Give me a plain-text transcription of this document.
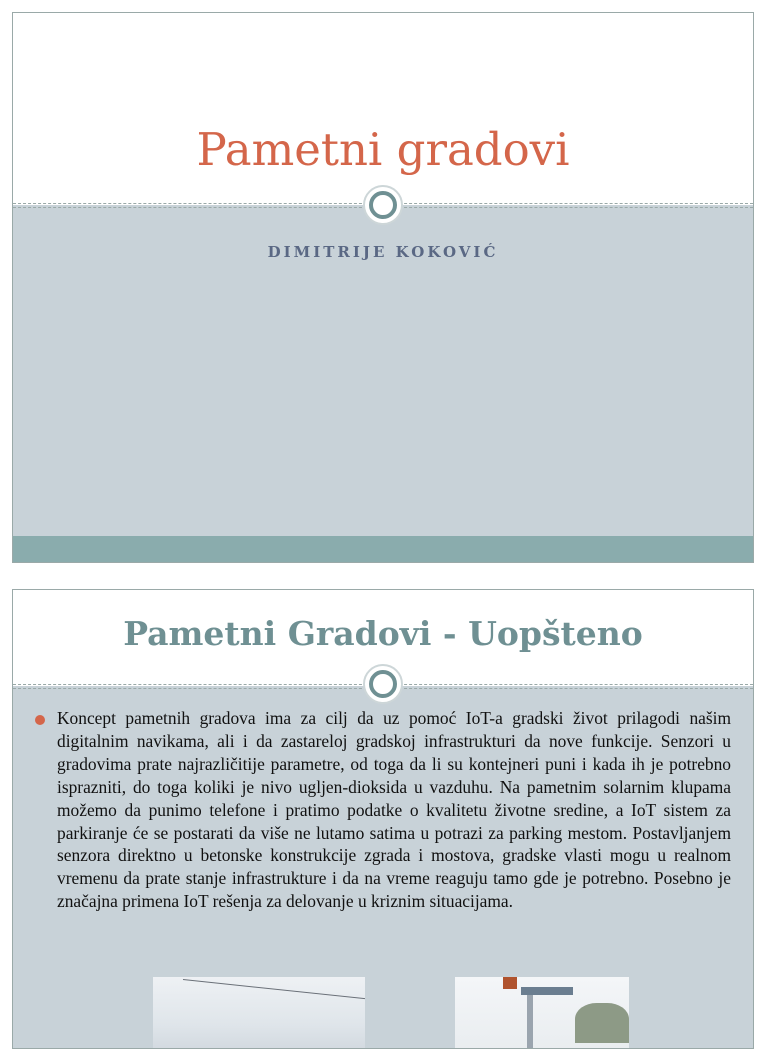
Pametni gradovi
DIMITRIJE KOKOVIĆ
Pametni Gradovi - Uopšteno
Koncept pametnih gradova ima za cilj da uz pomoć IoT-a gradski život prilagodi našim digitalnim navikama, ali i da zastareloj gradskoj infrastrukturi da nove funkcije. Senzori u gradovima prate najrazličitije parametre, od toga da li su kontejneri puni i kada ih je potrebno isprazniti, do toga koliki je nivo ugljen-dioksida u vazduhu. Na pametnim solarnim klupama možemo da punimo telefone i pratimo podatke o kvalitetu životne sredine, a IoT sistem za parkiranje će se postarati da više ne lutamo satima u potrazi za parking mestom. Postavljanjem senzora direktno u betonske konstrukcije zgrada i mostova, gradske vlasti mogu u realnom vremenu da prate stanje infrastrukture i da na vreme reaguju tamo gde je potrebno. Posebno je značajna primena IoT rešenja za delovanje u kriznim situacijama.
